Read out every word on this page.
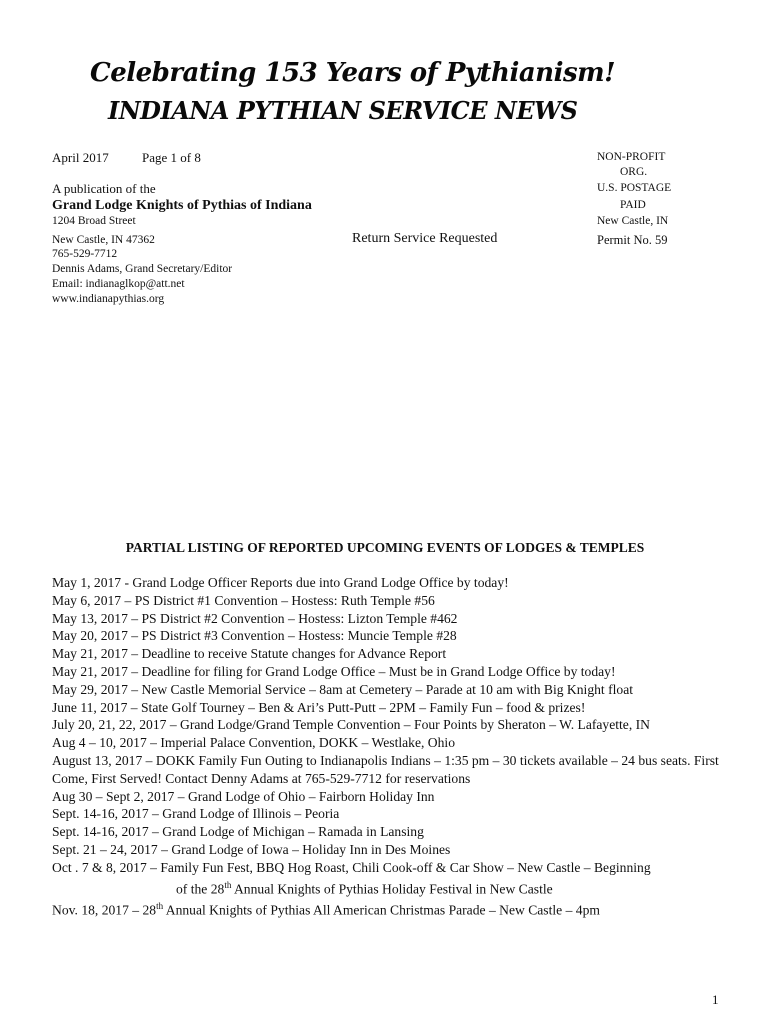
Celebrating 153 Years of Pythianism!
INDIANA PYTHIAN SERVICE NEWS
April 2017	Page 1 of 8
A publication of the
Grand Lodge Knights of Pythias of Indiana
1204 Broad Street
New Castle, IN 47362
765-529-7712
Dennis Adams, Grand Secretary/Editor
Email: indianaglkop@att.net
www.indianapythias.org
Return Service Requested
NON-PROFIT
ORG.
U.S. POSTAGE
PAID
New Castle, IN
Permit No. 59
PARTIAL LISTING OF REPORTED UPCOMING EVENTS OF LODGES & TEMPLES
May 1, 2017 - Grand Lodge Officer Reports due into Grand Lodge Office by today!
May 6, 2017 – PS District #1 Convention – Hostess: Ruth Temple #56
May 13, 2017 – PS District #2 Convention – Hostess: Lizton Temple #462
May 20, 2017 – PS District #3 Convention – Hostess: Muncie Temple #28
May 21, 2017 – Deadline to receive Statute changes for Advance Report
May 21, 2017 – Deadline for filing for Grand Lodge Office – Must be in Grand Lodge Office by today!
May 29, 2017 – New Castle Memorial Service – 8am at Cemetery – Parade at 10 am with Big Knight float
June 11, 2017 – State Golf Tourney – Ben & Ari’s Putt-Putt – 2PM – Family Fun – food & prizes!
July 20, 21, 22, 2017 – Grand Lodge/Grand Temple Convention – Four Points by Sheraton – W. Lafayette, IN
Aug 4 – 10, 2017 – Imperial Palace Convention, DOKK – Westlake, Ohio
August 13, 2017 – DOKK Family Fun Outing to Indianapolis Indians – 1:35 pm – 30 tickets available – 24 bus seats. First Come, First Served! Contact Denny Adams at 765-529-7712 for reservations
Aug 30 – Sept 2, 2017 – Grand Lodge of Ohio – Fairborn Holiday Inn
Sept. 14-16, 2017 – Grand Lodge of Illinois – Peoria
Sept. 14-16, 2017 – Grand Lodge of Michigan – Ramada in Lansing
Sept. 21 – 24, 2017 – Grand Lodge of Iowa – Holiday Inn in Des Moines
Oct . 7 & 8, 2017 – Family Fun Fest, BBQ Hog Roast, Chili Cook-off & Car Show – New Castle – Beginning
of the 28th Annual Knights of Pythias Holiday Festival in New Castle
Nov. 18, 2017 – 28th Annual Knights of Pythias All American Christmas Parade – New Castle – 4pm
1
